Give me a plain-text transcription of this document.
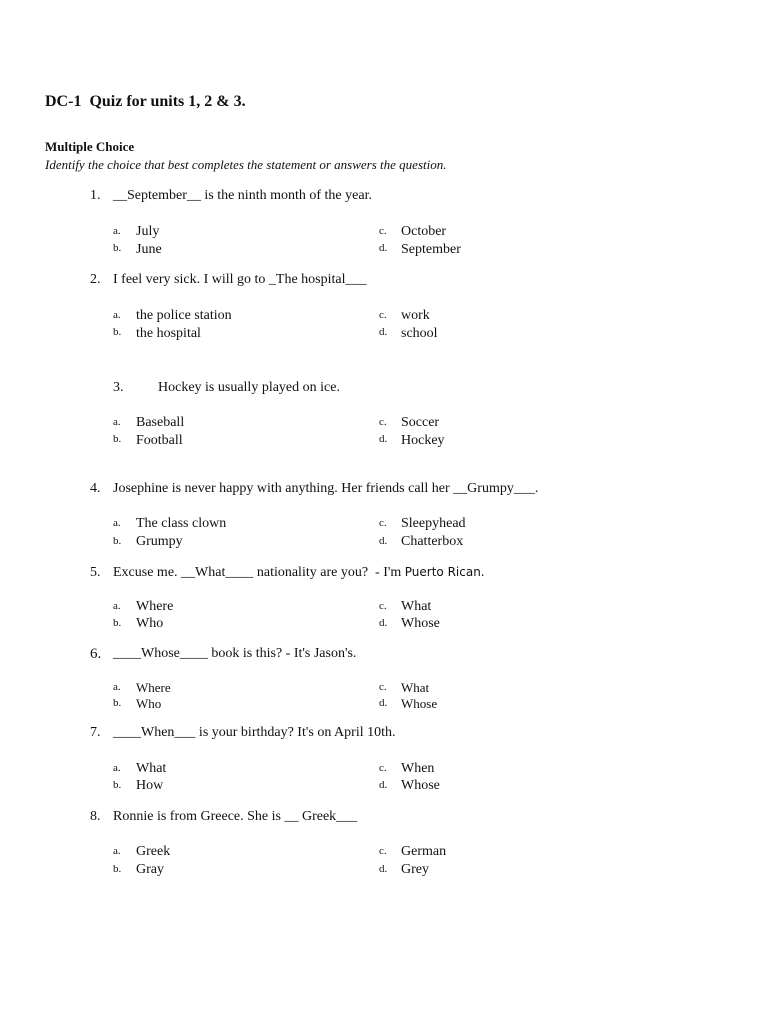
DC-1  Quiz for units 1, 2 & 3.
Multiple Choice
Identify the choice that best completes the statement or answers the question.
1. __September__ is the ninth month of the year.
a. July
b. June
c. October
d. September
2. I feel very sick. I will go to _The hospital___
a. the police station
b. the hospital
c. work
d. school
3.	Hockey is usually played on ice.
a. Baseball
b. Football
c. Soccer
d. Hockey
4. Josephine is never happy with anything. Her friends call her __Grumpy___.
a. The class clown
b. Grumpy
c. Sleepyhead
d. Chatterbox
5. Excuse me. __What____ nationality are you?  - I'm Puerto Rican.
a. Where
b. Who
c. What
d. Whose
6. ____Whose____ book is this? - It's Jason's.
a. Where
b. Who
c. What
d. Whose
7. ____When___ is your birthday? It's on April 10th.
a. What
b. How
c. When
d. Whose
8. Ronnie is from Greece. She is __ Greek___
a. Greek
b. Gray
c. German
d. Grey
